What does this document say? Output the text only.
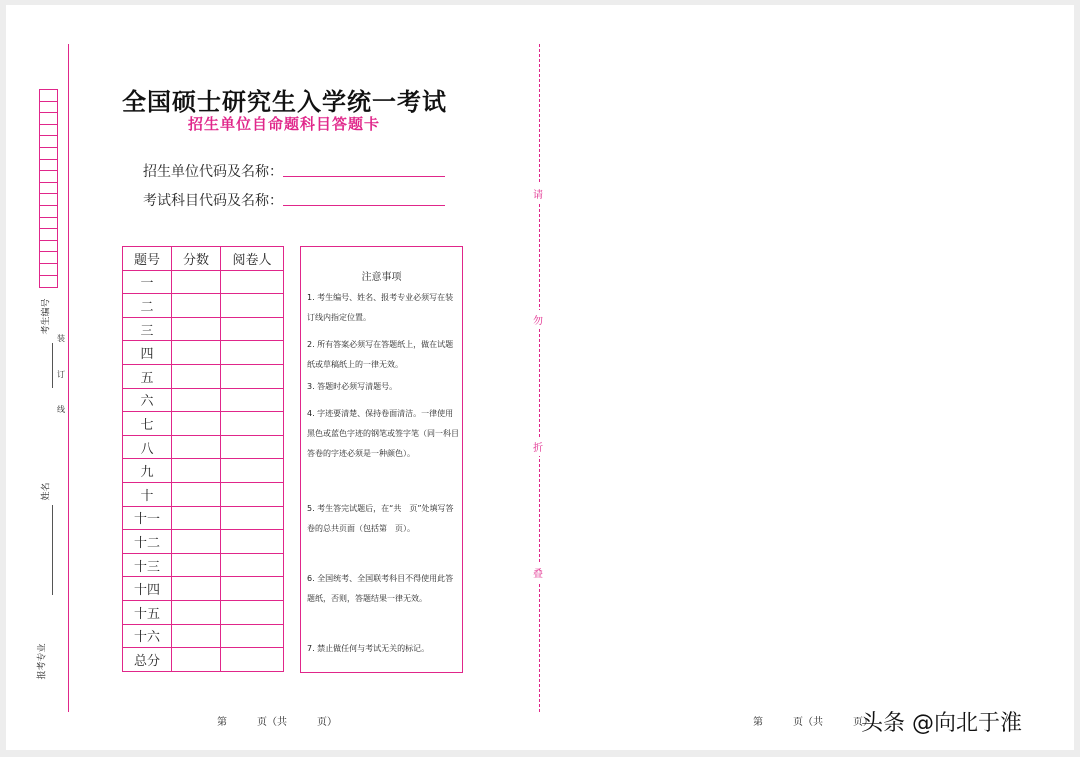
考生编号
装
订
线
姓名
报考专业
全国硕士研究生入学统一考试
招生单位自命题科目答题卡
招生单位代码及名称：
考试科目代码及名称：
题号	分数	阅卷人
一		
二		
三		
四		
五		
六		
七		
八		
九		
十		
十一		
十二		
十三		
十四		
十五		
十六		
总分		
注意事项
1. 考生编号、姓名、报考专业必须写在装订线内指定位置。
2. 所有答案必须写在答题纸上，做在试题纸或草稿纸上的一律无效。
3. 答题时必须写清题号。
4. 字迹要清楚、保持卷面清洁。一律使用黑色或蓝色字迹的钢笔或签字笔（同一科目答卷的字迹必须是一种颜色）。
5. 考生答完试题后，在“共　页”处填写答卷的总共页面（包括第　页）。
6. 全国统考、全国联考科目不得使用此答题纸，否则，答题结果一律无效。
7. 禁止做任何与考试无关的标记。
请
勿
折
叠
第　　　页（共　　　页）	第　　　页（共　　　页）
头条 @向北于淮
